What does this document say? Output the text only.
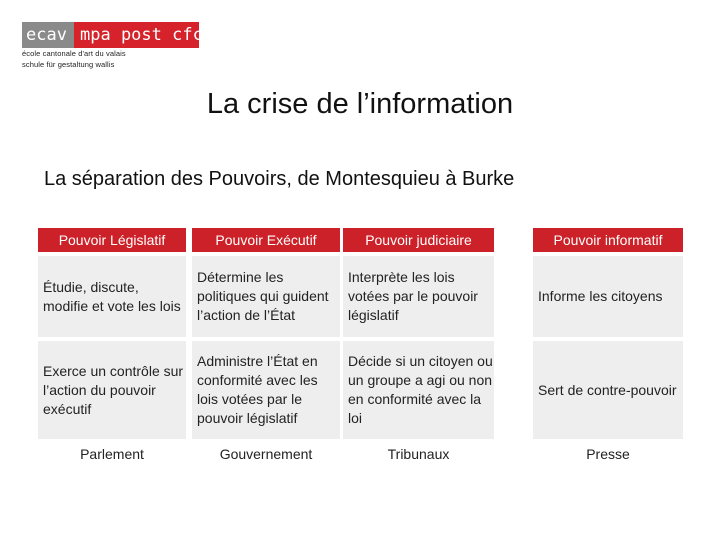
ecav mpa post cfc
école cantonale d'art du valais
schule für gestaltung wallis
La crise de l’information
La séparation des Pouvoirs, de Montesquieu à Burke
Pouvoir Législatif
Étudie, discute, modifie et vote les lois
Exerce un contrôle sur l’action du pouvoir exécutif
Parlement
Pouvoir Exécutif
Détermine les politiques qui guident l’action de l’État
Administre l’État en conformité avec les lois votées par le pouvoir législatif
Gouvernement
Pouvoir judiciaire
Interprète les lois votées par le pouvoir législatif
Décide si un citoyen ou un groupe a agi ou non en conformité avec la loi
Tribunaux
Pouvoir informatif
Informe les citoyens
Sert de contre-pouvoir
Presse
